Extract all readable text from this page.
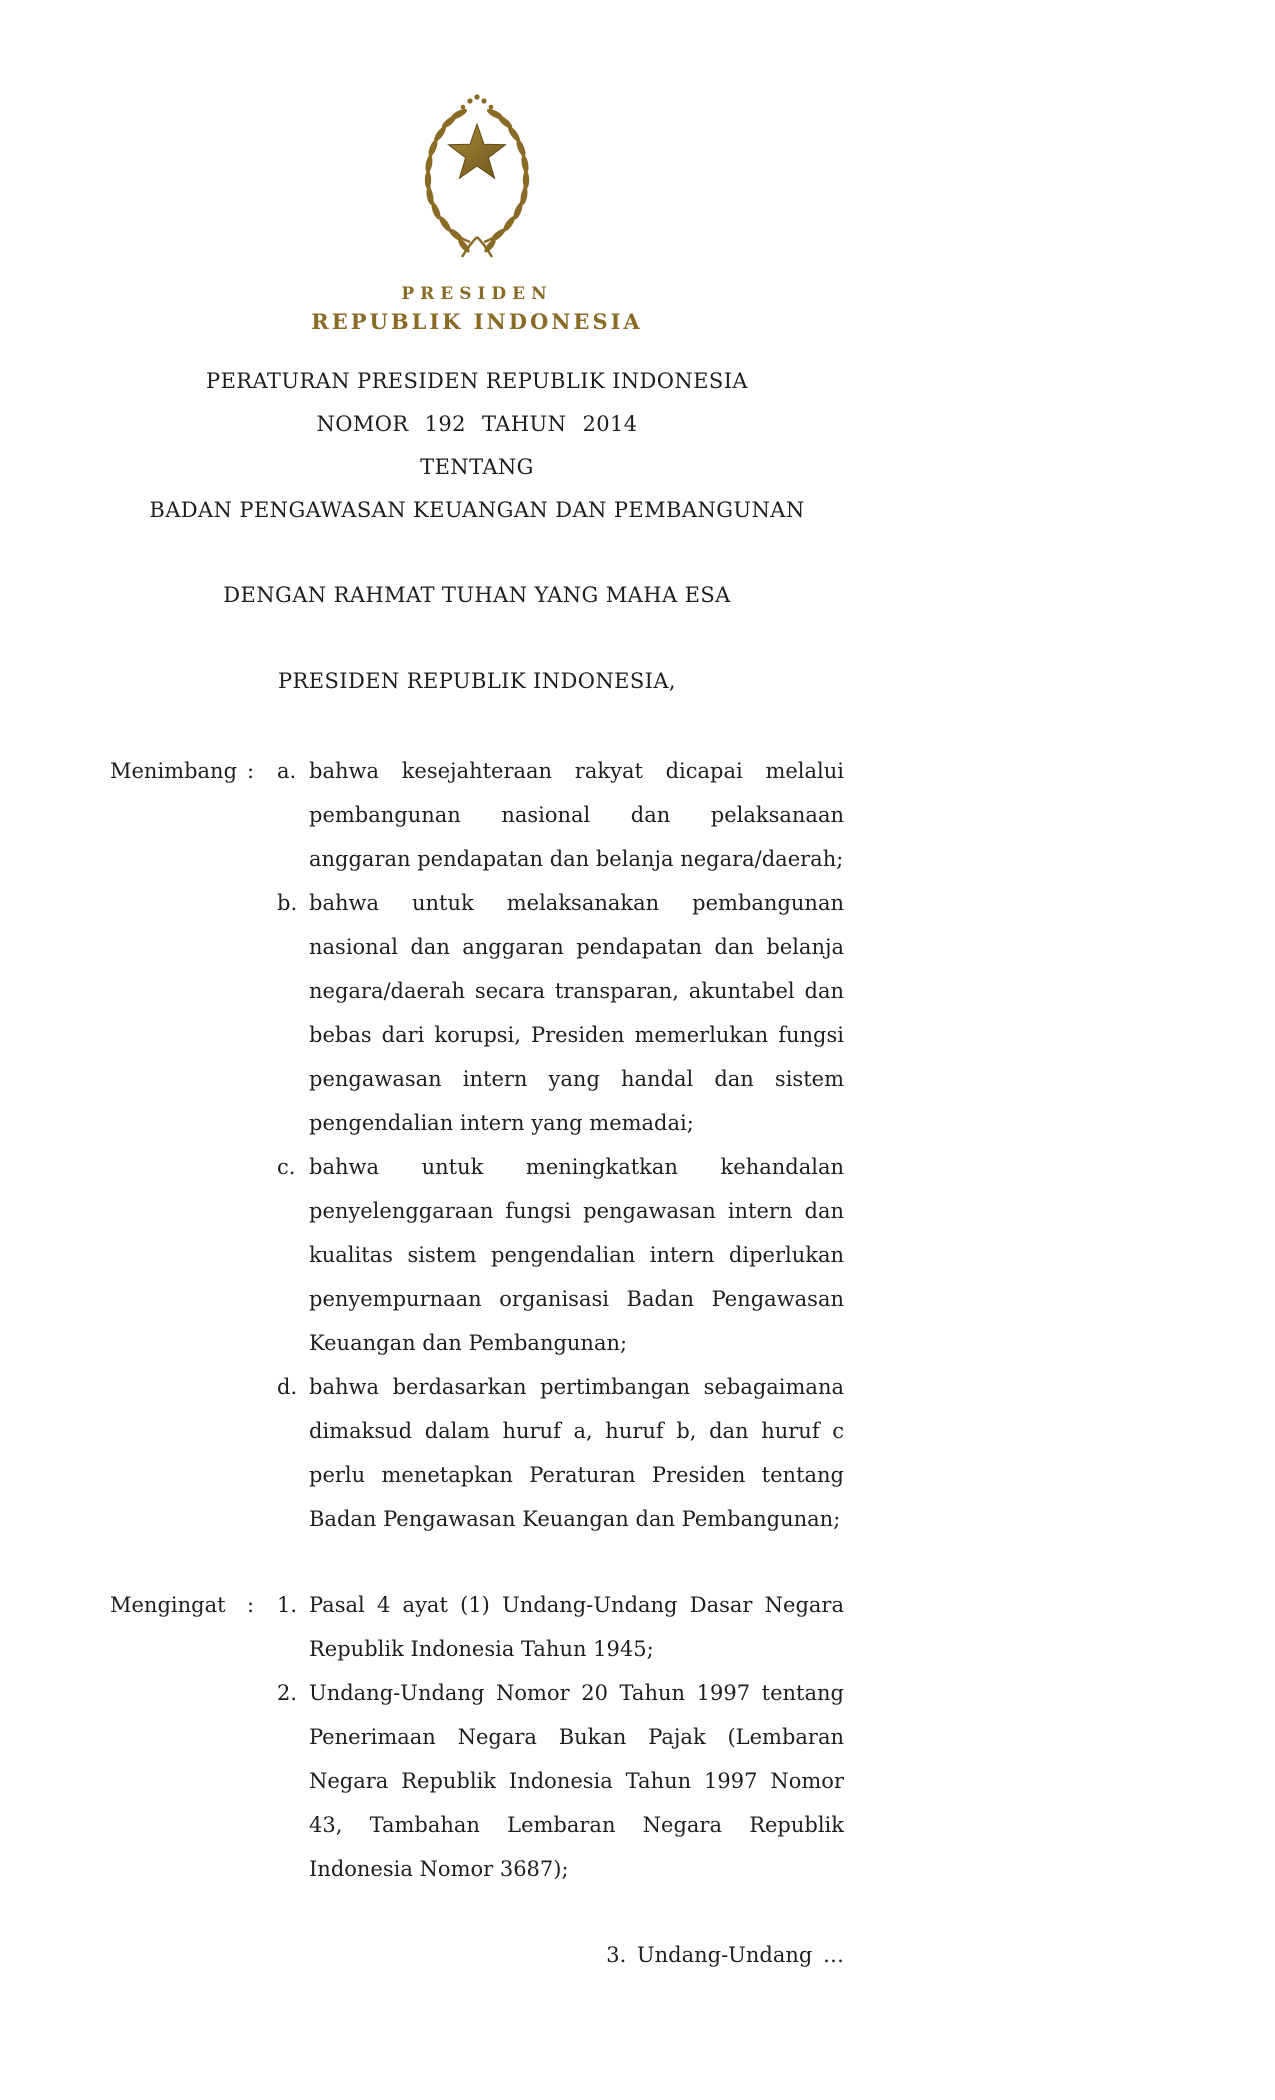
PRESIDEN
REPUBLIK INDONESIA
PERATURAN PRESIDEN REPUBLIK INDONESIA
NOMOR 192 TAHUN 2014
TENTANG
BADAN PENGAWASAN KEUANGAN DAN PEMBANGUNAN
DENGAN RAHMAT TUHAN YANG MAHA ESA
PRESIDEN REPUBLIK INDONESIA,
Menimbang :	a. bahwa kesejahteraan rakyat dicapai melalui pembangunan nasional dan pelaksanaan anggaran pendapatan dan belanja negara/daerah;

b. bahwa untuk melaksanakan pembangunan nasional dan anggaran pendapatan dan belanja negara/daerah secara transparan, akuntabel dan bebas dari korupsi, Presiden memerlukan fungsi pengawasan intern yang handal dan sistem pengendalian intern yang memadai;

c. bahwa untuk meningkatkan kehandalan penyelenggaraan fungsi pengawasan intern dan kualitas sistem pengendalian intern diperlukan penyempurnaan organisasi Badan Pengawasan Keuangan dan Pembangunan;

d. bahwa berdasarkan pertimbangan sebagaimana dimaksud dalam huruf a, huruf b, dan huruf c perlu menetapkan Peraturan Presiden tentang Badan Pengawasan Keuangan dan Pembangunan;

Mengingat	:	1. Pasal 4 ayat (1) Undang-Undang Dasar Negara Republik Indonesia Tahun 1945;

2. Undang-Undang Nomor 20 Tahun 1997 tentang Penerimaan Negara Bukan Pajak (Lembaran Negara Republik Indonesia Tahun 1997 Nomor 43, Tambahan Lembaran Negara Republik Indonesia Nomor 3687);

3. Undang-Undang …
